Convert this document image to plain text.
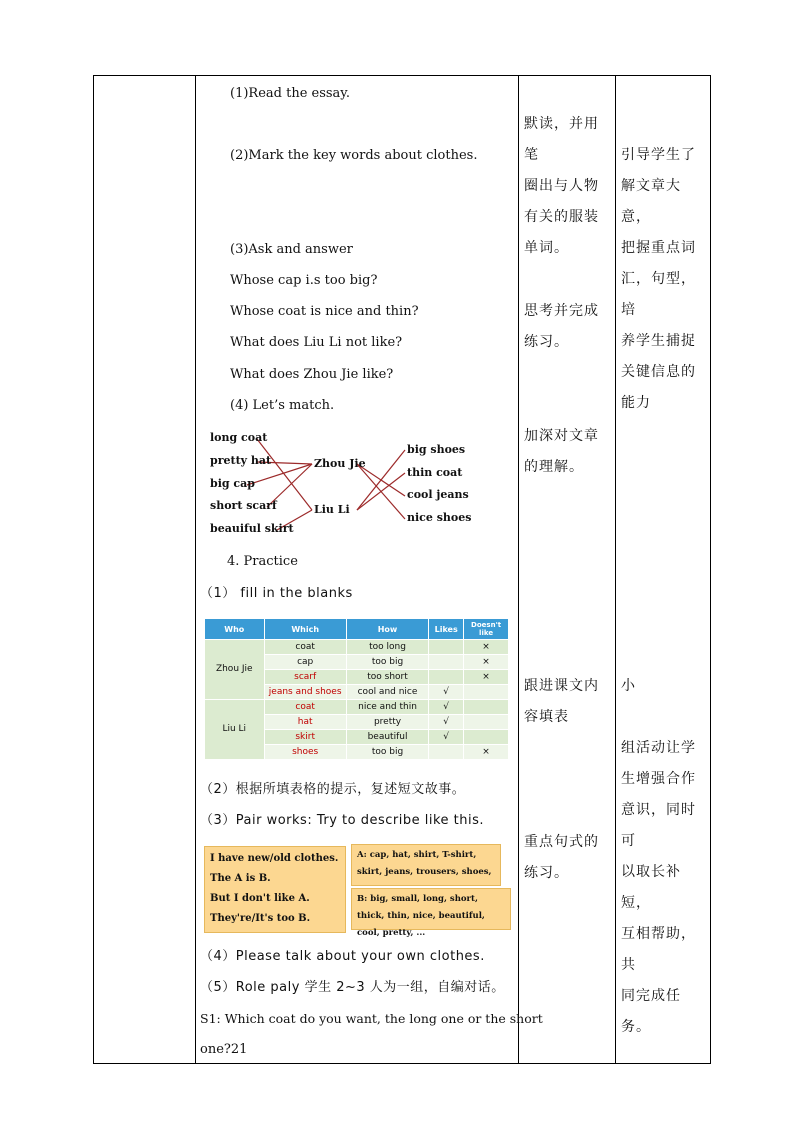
(1)Read the essay.
(2)Mark the key words about clothes.
(3)Ask and answer
Whose cap i.s too big?
Whose coat is nice and thin?
What does Liu Li not like?
What does Zhou Jie like?
(4) Let’s match.
long coat
pretty hat
big cap
short scarf
beauiful skirt
Zhou Jie
Liu Li
big shoes
thin coat
cool jeans
nice shoes
4. Practice
（1） fill in the blanks
Who	Which	How	Likes	Doesn't like
Zhou Jie	coat	too long		×
	cap	too big		×
	scarf	too short		×
	jeans and shoes	cool and nice	√	
Liu Li	coat	nice and thin	√	
	hat	pretty	√	
	skirt	beautiful	√	
	shoes	too big		×
（2）根据所填表格的提示，复述短文故事。
（3）Pair works: Try to describe like this.
I have new/old clothes.
The A is B.
But I don't like A.
They're/It's too B.
A: cap, hat, shirt, T-shirt, skirt, jeans, trousers, shoes,
B: big, small, long, short, thick, thin, nice, beautiful, cool, pretty, ...
（4）Please talk about your own clothes.
（5）Role paly 学生 2~3 人为一组，自编对话。
S1: Which coat do you want, the long one or the short
one?21
默读，并用笔
圈出与人物
有关的服装
单词。
思考并完成
练习。
加深对文章
的理解。
跟进课文内
容填表
重点句式的
练习。
引导学生了
解文章大意，
把握重点词
汇，句型，培
养学生捕捉
关键信息的
能力
小
组活动让学
生增强合作
意识，同时可
以取长补短，
互相帮助，共
同完成任务。
